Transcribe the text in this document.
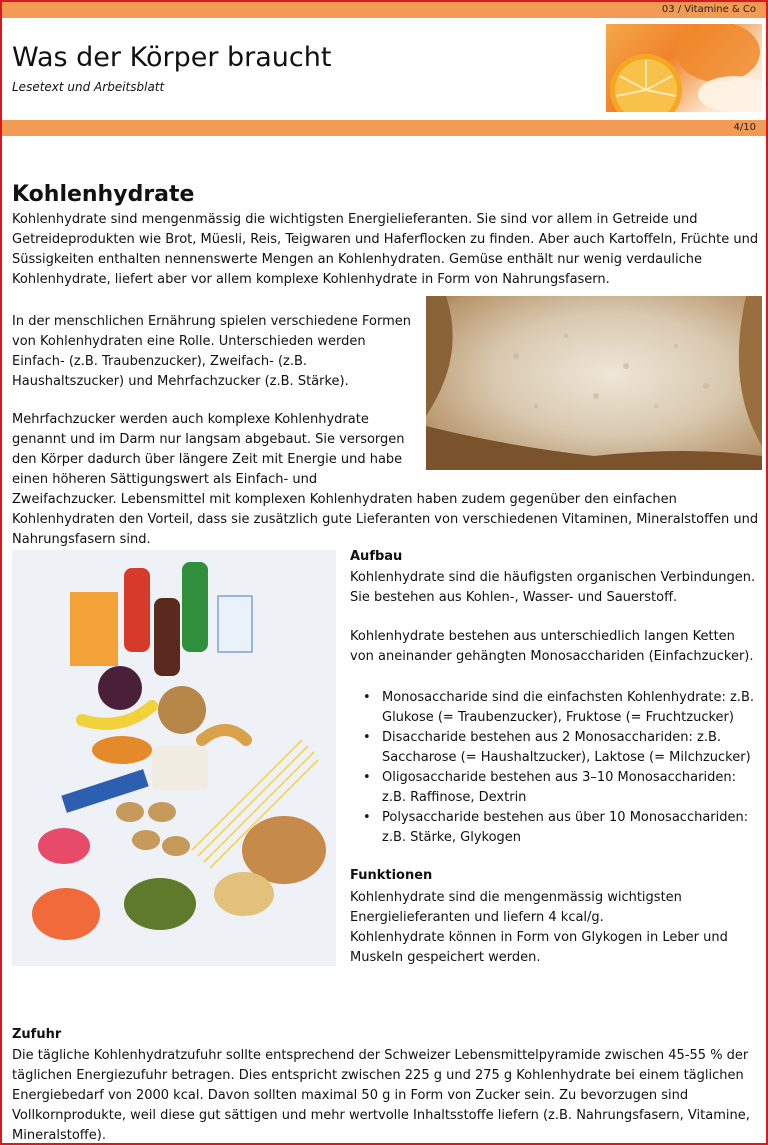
03 / Vitamine & Co
Was der Körper braucht
Lesetext und Arbeitsblatt
4/10
Kohlenhydrate

Kohlenhydrate sind mengenmässig die wichtigsten Energielieferanten. Sie sind vor allem in Getreide und Getreideprodukten wie Brot, Müesli, Reis, Teigwaren und Haferflocken zu finden. Aber auch Kartoffeln, Früchte und Süssigkeiten enthalten nennenswerte Mengen an Kohlenhydraten. Gemüse enthält nur wenig verdauliche Kohlenhydrate, liefert aber vor allem komplexe Kohlenhydrate in Form von Nahrungsfasern.

In der menschlichen Ernährung spielen verschiedene Formen von Kohlenhydraten eine Rolle. Unterschieden werden Einfach- (z.B. Traubenzucker), Zweifach- (z.B. Haushaltszucker) und Mehrfachzucker (z.B. Stärke).

Mehrfachzucker werden auch komplexe Kohlenhydrate genannt und im Darm nur langsam abgebaut. Sie versorgen den Körper dadurch über längere Zeit mit Energie und habe einen höheren Sättigungswert als Einfach- und

Zweifachzucker. Lebensmittel mit komplexen Kohlenhydraten haben zudem gegenüber den einfachen Kohlenhydraten den Vorteil, dass sie zusätzlich gute Lieferanten von verschiedenen Vitaminen, Mineralstoffen und Nahrungsfasern sind.

Aufbau

Kohlenhydrate sind die häufigsten organischen Verbindungen. Sie bestehen aus Kohlen-, Wasser- und Sauerstoff.

Kohlenhydrate bestehen aus unterschiedlich langen Ketten von aneinander gehängten Monosacchariden (Einfachzucker).

• Monosaccharide sind die einfachsten Kohlenhydrate: z.B. Glukose (= Traubenzucker), Fruktose (= Fruchtzucker)
• Disaccharide bestehen aus 2 Monosacchariden: z.B. Saccharose (= Haushaltzucker), Laktose (= Milchzucker)
• Oligosaccharide bestehen aus 3–10 Monosacchariden: z.B. Raffinose, Dextrin
• Polysaccharide bestehen aus über 10 Monosacchariden: z.B. Stärke, Glykogen
Funktionen

Kohlenhydrate sind die mengenmässig wichtigsten Energielieferanten und liefern 4 kcal/g.

Kohlenhydrate können in Form von Glykogen in Leber und Muskeln gespeichert werden.

Zufuhr

Die tägliche Kohlenhydratzufuhr sollte entsprechend der Schweizer Lebensmittelpyramide zwischen 45-55 % der täglichen Energiezufuhr betragen. Dies entspricht zwischen 225 g und 275 g Kohlenhydrate bei einem täglichen Energiebedarf von 2000 kcal. Davon sollten maximal 50 g in Form von Zucker sein. Zu bevorzugen sind Vollkornprodukte, weil diese gut sättigen und mehr wertvolle Inhaltsstoffe liefern (z.B. Nahrungsfasern, Vitamine, Mineralstoffe).
